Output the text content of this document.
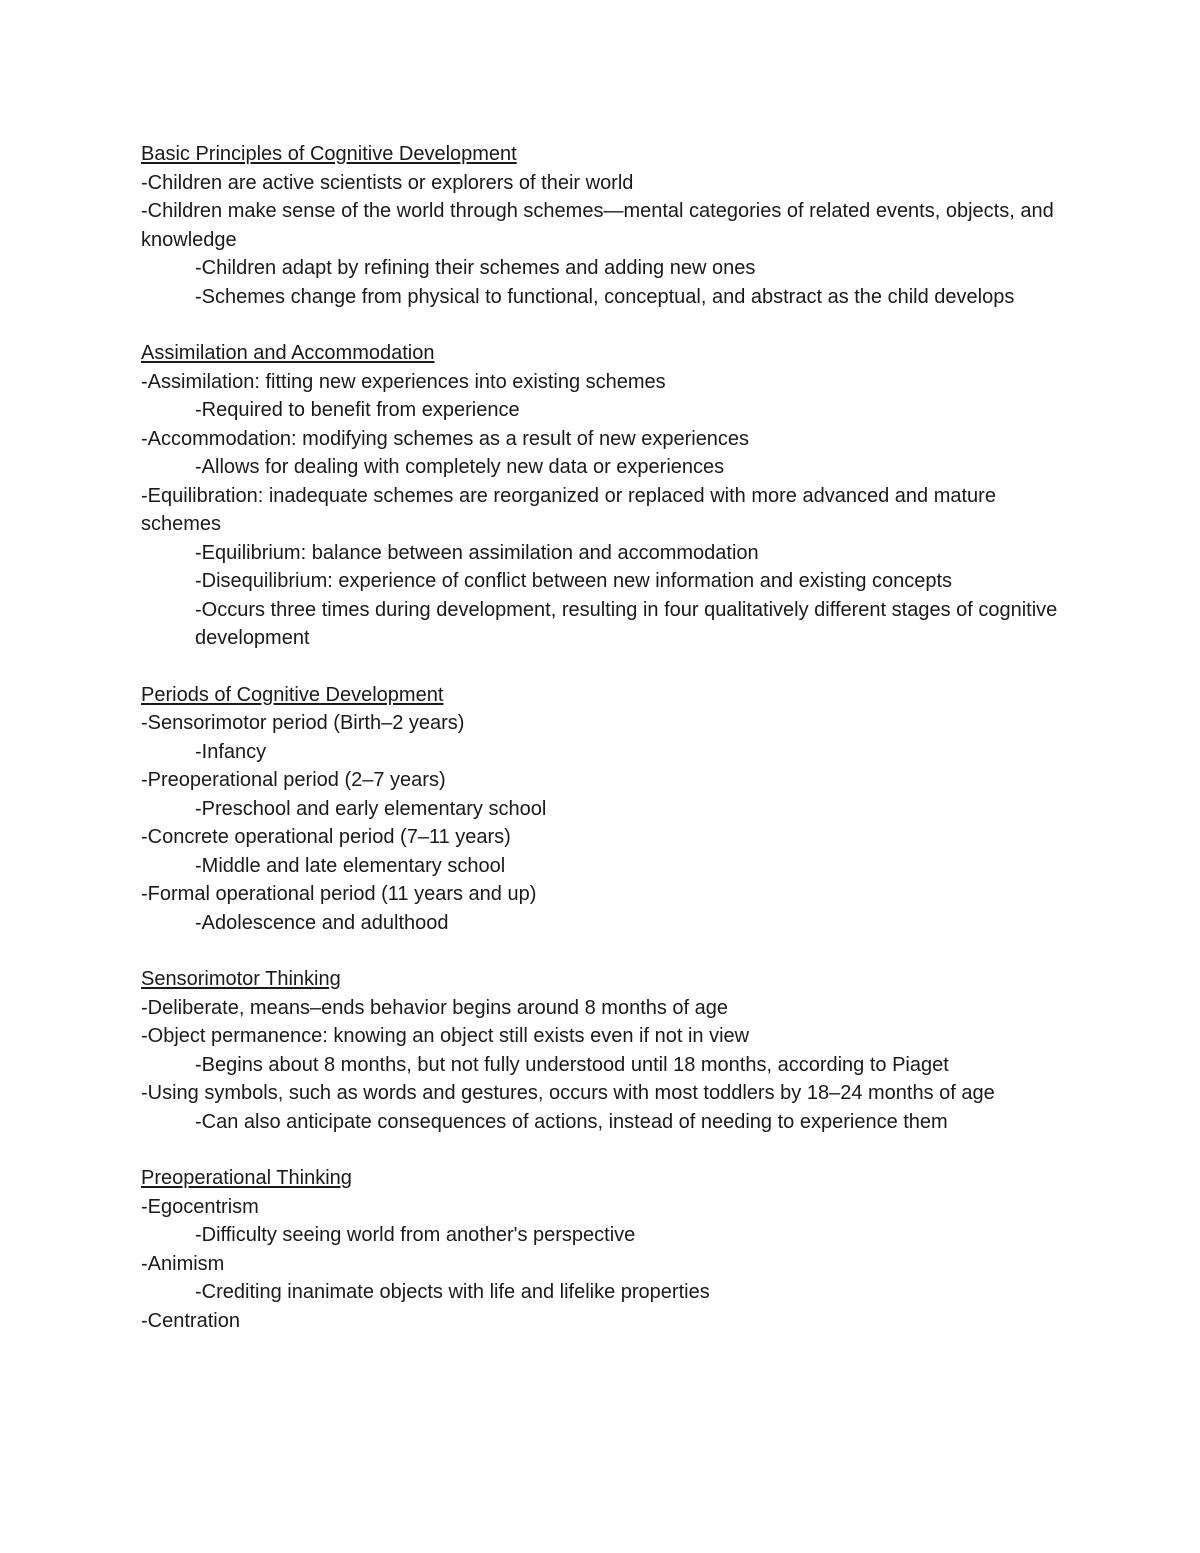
Basic Principles of Cognitive Development

-Children are active scientists or explorers of their world

-Children make sense of the world through schemes—mental categories of related events, objects, and knowledge

-Children adapt by refining their schemes and adding new ones

-Schemes change from physical to functional, conceptual, and abstract as the child develops

Assimilation and Accommodation

-Assimilation: fitting new experiences into existing schemes

-Required to benefit from experience

-Accommodation: modifying schemes as a result of new experiences

-Allows for dealing with completely new data or experiences

-Equilibration: inadequate schemes are reorganized or replaced with more advanced and mature schemes

-Equilibrium: balance between assimilation and accommodation

-Disequilibrium: experience of conflict between new information and existing concepts

-Occurs three times during development, resulting in four qualitatively different stages of cognitive development

Periods of Cognitive Development

-Sensorimotor period (Birth–2 years)

-Infancy

-Preoperational period (2–7 years)

-Preschool and early elementary school

-Concrete operational period (7–11 years)

-Middle and late elementary school

-Formal operational period (11 years and up)

-Adolescence and adulthood

Sensorimotor Thinking

-Deliberate, means–ends behavior begins around 8 months of age

-Object permanence: knowing an object still exists even if not in view

-Begins about 8 months, but not fully understood until 18 months, according to Piaget

-Using symbols, such as words and gestures, occurs with most toddlers by 18–24 months of age

-Can also anticipate consequences of actions, instead of needing to experience them

Preoperational Thinking

-Egocentrism

-Difficulty seeing world from another's perspective

-Animism

-Crediting inanimate objects with life and lifelike properties

-Centration
